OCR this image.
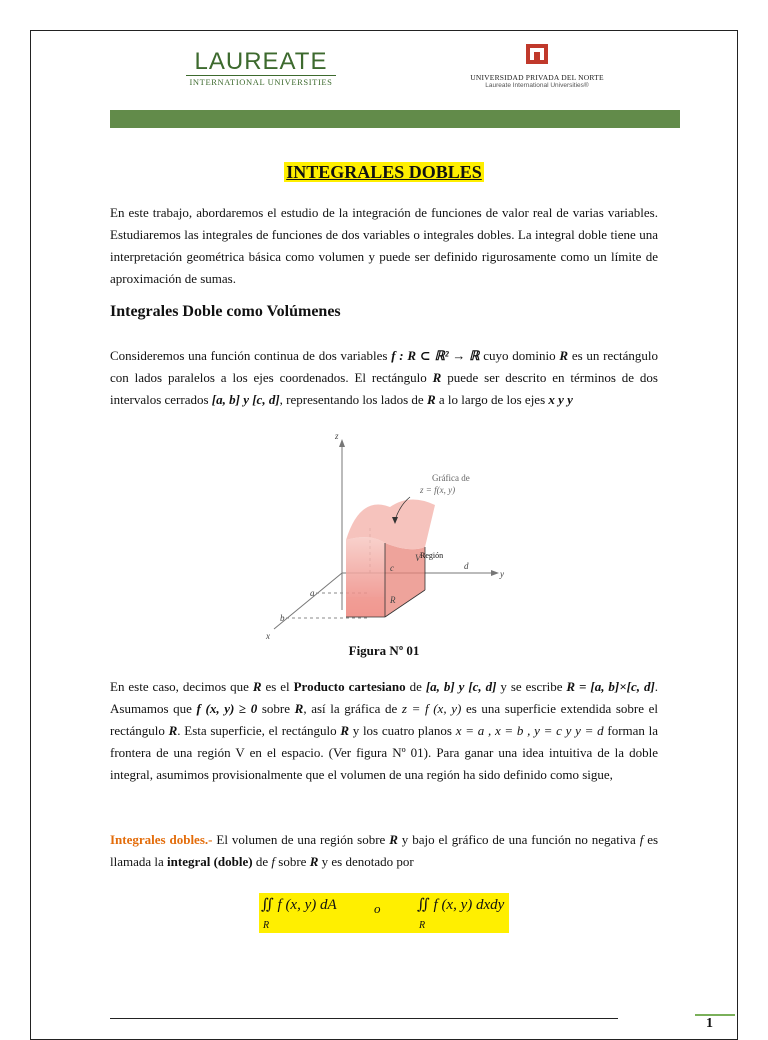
LAUREATE
INTERNATIONAL UNIVERSITIES	UNIVERSIDAD PRIVADA DEL NORTE
Laureate International Universities®
INTEGRALES DOBLES
En este trabajo, abordaremos el estudio de la integración de funciones de valor real de varias variables. Estudiaremos las integrales de funciones de dos variables o integrales dobles. La integral doble tiene una interpretación geométrica básica como volumen y puede ser definido rigurosamente como un límite de aproximación de sumas.
Integrales Doble como Volúmenes
Consideremos una función continua de dos variables f : R ⊂ ℝ² → ℝ cuyo dominio R es un rectángulo con lados paralelos a los ejes coordenados. El rectángulo R puede ser descrito en términos de dos intervalos cerrados [a, b] y [c, d], representando los lados de R a lo largo de los ejes x y y
z
y
x
a
b
c	d
R
V Región
Gráfica de
z = f(x, y)
Figura Nº 01
En este caso, decimos que R es el Producto cartesiano de [a, b] y [c, d] y se escribe R = [a, b]×[c, d]. Asumamos que f (x, y) ≥ 0 sobre R, así la gráfica de z = f (x, y) es una superficie extendida sobre el rectángulo R. Esta superficie, el rectángulo R y los cuatro planos x = a , x = b , y = c y y = d forman la frontera de una región V en el espacio. (Ver figura Nº 01). Para ganar una idea intuitiva de la doble integral, asumimos provisionalmente que el volumen de una región ha sido definido como sigue,
Integrales dobles.- El volumen de una región sobre R y bajo el gráfico de una función no negativa f es llamada la integral (doble) de f sobre R y es denotado por
∬ f (x, y) dA	o ∬ f (x, y) dxdy
R	R
1
